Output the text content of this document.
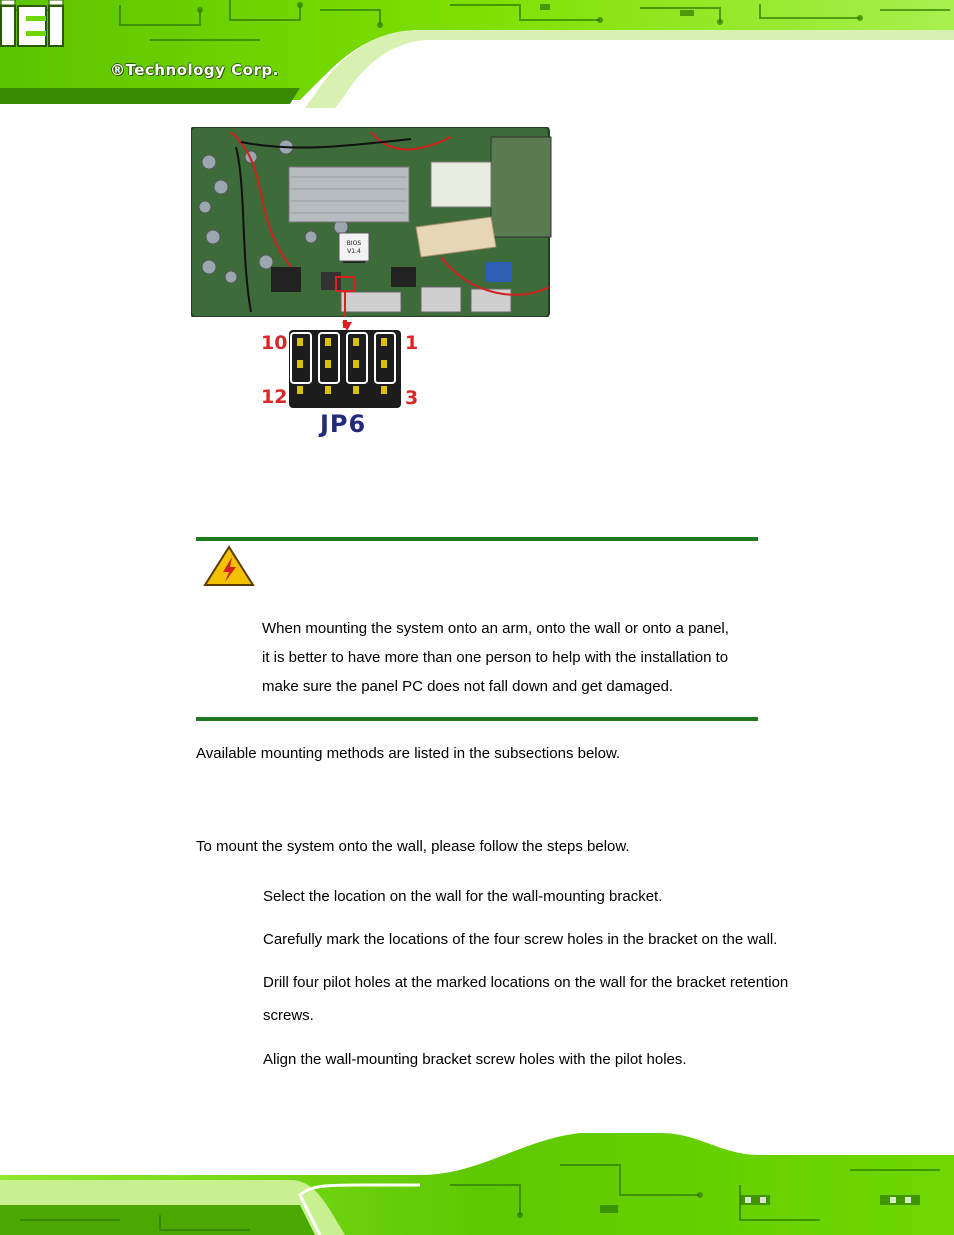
®Technology Corp.
BIOS
V1.4
10	1
12	3
JP6
When mounting the system onto an arm, onto the wall or onto a panel,
it is better to have more than one person to help with the installation to
make sure the panel PC does not fall down and get damaged.
Available mounting methods are listed in the subsections below.
To mount the system onto the wall, please follow the steps below.
Select the location on the wall for the wall-mounting bracket.
Carefully mark the locations of the four screw holes in the bracket on the wall.
Drill four pilot holes at the marked locations on the wall for the bracket retention
screws.
Align the wall-mounting bracket screw holes with the pilot holes.
